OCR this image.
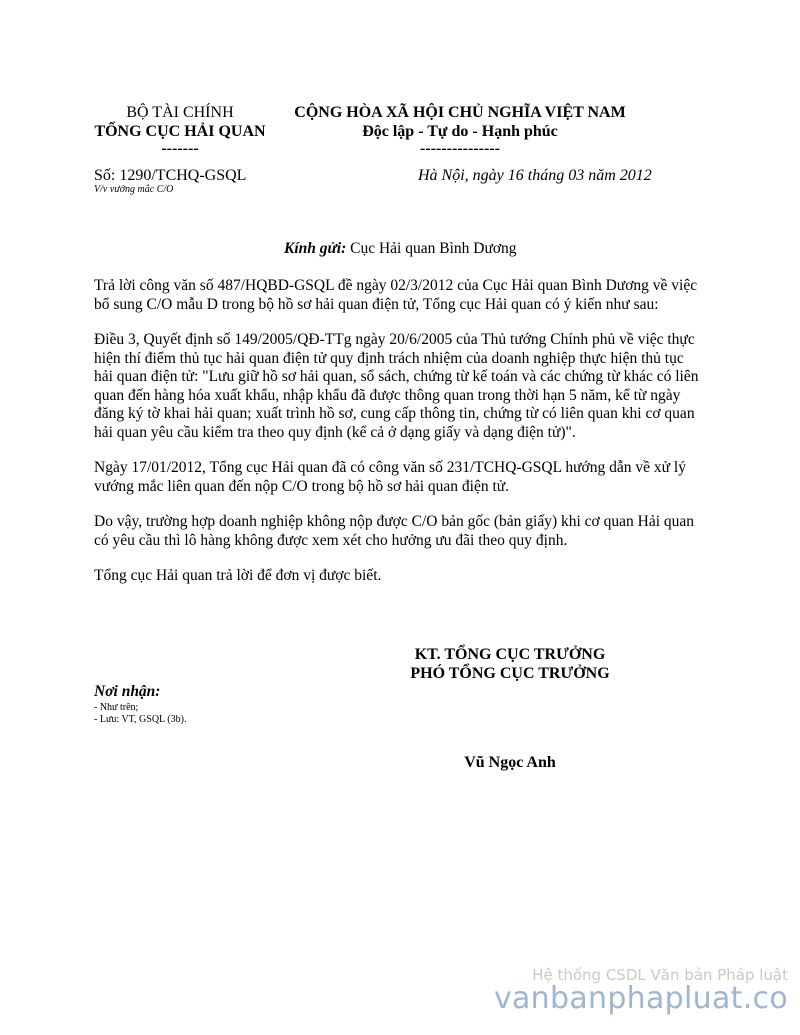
BỘ TÀI CHÍNH
TỔNG CỤC HẢI QUAN
-------
CỘNG HÒA XÃ HỘI CHỦ NGHĨA VIỆT NAM
Độc lập - Tự do - Hạnh phúc
---------------
Số: 1290/TCHQ-GSQL
V/v vướng mắc C/O
Hà Nội, ngày 16 tháng 03 năm 2012
Kính gửi: Cục Hải quan Bình Dương
Trả lời công văn số 487/HQBD-GSQL đề ngày 02/3/2012 của Cục Hải quan Bình Dương về việc
bổ sung C/O mẫu D trong bộ hồ sơ hải quan điện tử, Tổng cục Hải quan có ý kiến như sau:
Điều 3, Quyết định số 149/2005/QĐ-TTg ngày 20/6/2005 của Thủ tướng Chính phủ về việc thực
hiện thí điểm thủ tục hải quan điện tử quy định trách nhiệm của doanh nghiệp thực hiện thủ tục
hải quan điện tử: "Lưu giữ hồ sơ hải quan, sổ sách, chứng từ kế toán và các chứng từ khác có liên
quan đến hàng hóa xuất khẩu, nhập khẩu đã được thông quan trong thời hạn 5 năm, kể từ ngày
đăng ký tờ khai hải quan; xuất trình hồ sơ, cung cấp thông tin, chứng từ có liên quan khi cơ quan
hải quan yêu cầu kiểm tra theo quy định (kể cả ở dạng giấy và dạng điện tử)".
Ngày 17/01/2012, Tổng cục Hải quan đã có công văn số 231/TCHQ-GSQL hướng dẫn về xử lý
vướng mắc liên quan đến nộp C/O trong bộ hồ sơ hải quan điện tử.
Do vậy, trường hợp doanh nghiệp không nộp được C/O bản gốc (bản giấy) khi cơ quan Hải quan
có yêu cầu thì lô hàng không được xem xét cho hưởng ưu đãi theo quy định.
Tổng cục Hải quan trả lời để đơn vị được biết.
KT. TỔNG CỤC TRƯỞNG
PHÓ TỔNG CỤC TRƯỞNG
Nơi nhận:
- Như trên;
- Lưu: VT, GSQL (3b).
Vũ Ngọc Anh
Hệ thống CSDL Văn bản Pháp luật
vanbanphapluat.co
